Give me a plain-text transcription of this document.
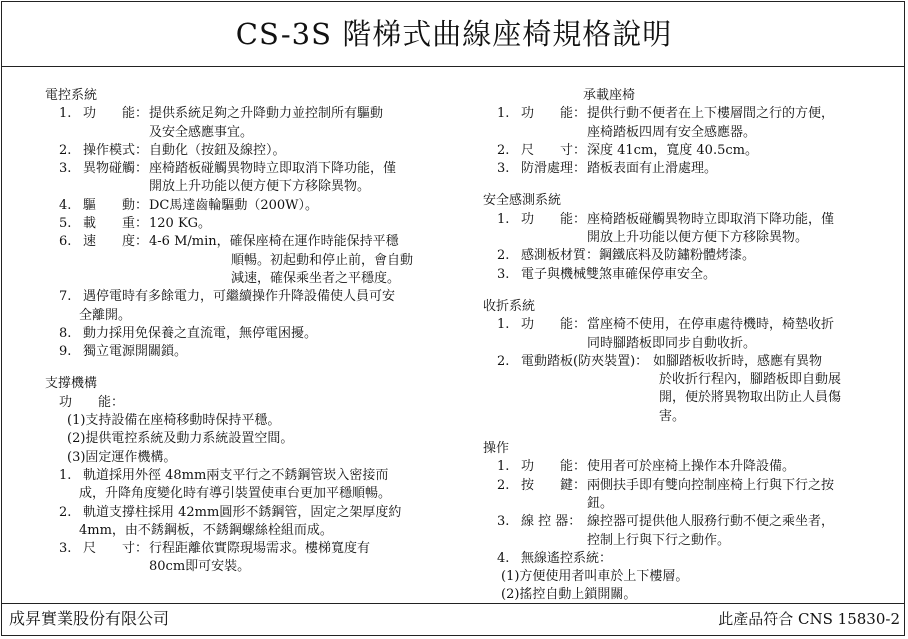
CS-3S 階梯式曲線座椅規格說明
電控系統
1. 功　　能： 提供系統足夠之升降動力並控制所有驅動
及安全感應事宜。
2. 操作模式： 自動化（按鈕及線控）。
3. 異物碰觸： 座椅踏板碰觸異物時立即取消下降功能，僅
開放上升功能以便方便下方移除異物。
4. 驅　　動： DC馬達齒輪驅動（200W）。
5. 載　　重： 120 KG。
6. 速　　度： 4-6 M/min，確保座椅在運作時能保持平穩
順暢。初起動和停止前，會自動
減速，確保乘坐者之平穩度。
7. 遇停電時有多餘電力，可繼續操作升降設備使人員可安
全離開。
8. 動力採用免保養之直流電，無停電困擾。
9. 獨立電源開關鎖。
支撐機構
功　　能：
(1)支持設備在座椅移動時保持平穩。
(2)提供電控系統及動力系統設置空間。
(3)固定運作機構。
1. 軌道採用外徑 48mm兩支平行之不銹鋼管崁入密接而
成，升降角度變化時有導引裝置使車台更加平穩順暢。
2. 軌道支撐柱採用 42mm圓形不銹鋼管，固定之架厚度約
4mm，由不銹鋼板，不銹鋼螺絲栓組而成。
3. 尺　　寸： 行程距離依實際現場需求。樓梯寬度有
80cm即可安裝。
承載座椅
1. 功　　能： 提供行動不便者在上下樓層間之行的方便，
座椅踏板四周有安全感應器。
2. 尺　　寸： 深度 41cm，寬度 40.5cm。
3. 防滑處理： 踏板表面有止滑處理。
安全感測系統
1. 功　　能： 座椅踏板碰觸異物時立即取消下降功能，僅
開放上升功能以便方便下方移除異物。
2. 感測板材質：鋼鐵底料及防鏽粉體烤漆。
3. 電子與機械雙煞車確保停車安全。
收折系統
1. 功　　能： 當座椅不使用，在停車處待機時，椅墊收折
同時腳踏板即同步自動收折。
2. 電動踏板(防夾裝置)： 如腳踏板收折時，感應有異物
於收折行程內，腳踏板即自動展
開，便於將異物取出防止人員傷
害。
操作
1. 功　　能： 使用者可於座椅上操作本升降設備。
2. 按　　鍵： 兩側扶手即有雙向控制座椅上行與下行之按
鈕。
3. 線 控 器： 線控器可提供他人服務行動不便之乘坐者，
控制上行與下行之動作。
4. 無線遙控系統：
(1)方便使用者叫車於上下樓層。
(2)搖控自動上鎖開關。
成昇實業股份有限公司	此產品符合 CNS 15830-2
